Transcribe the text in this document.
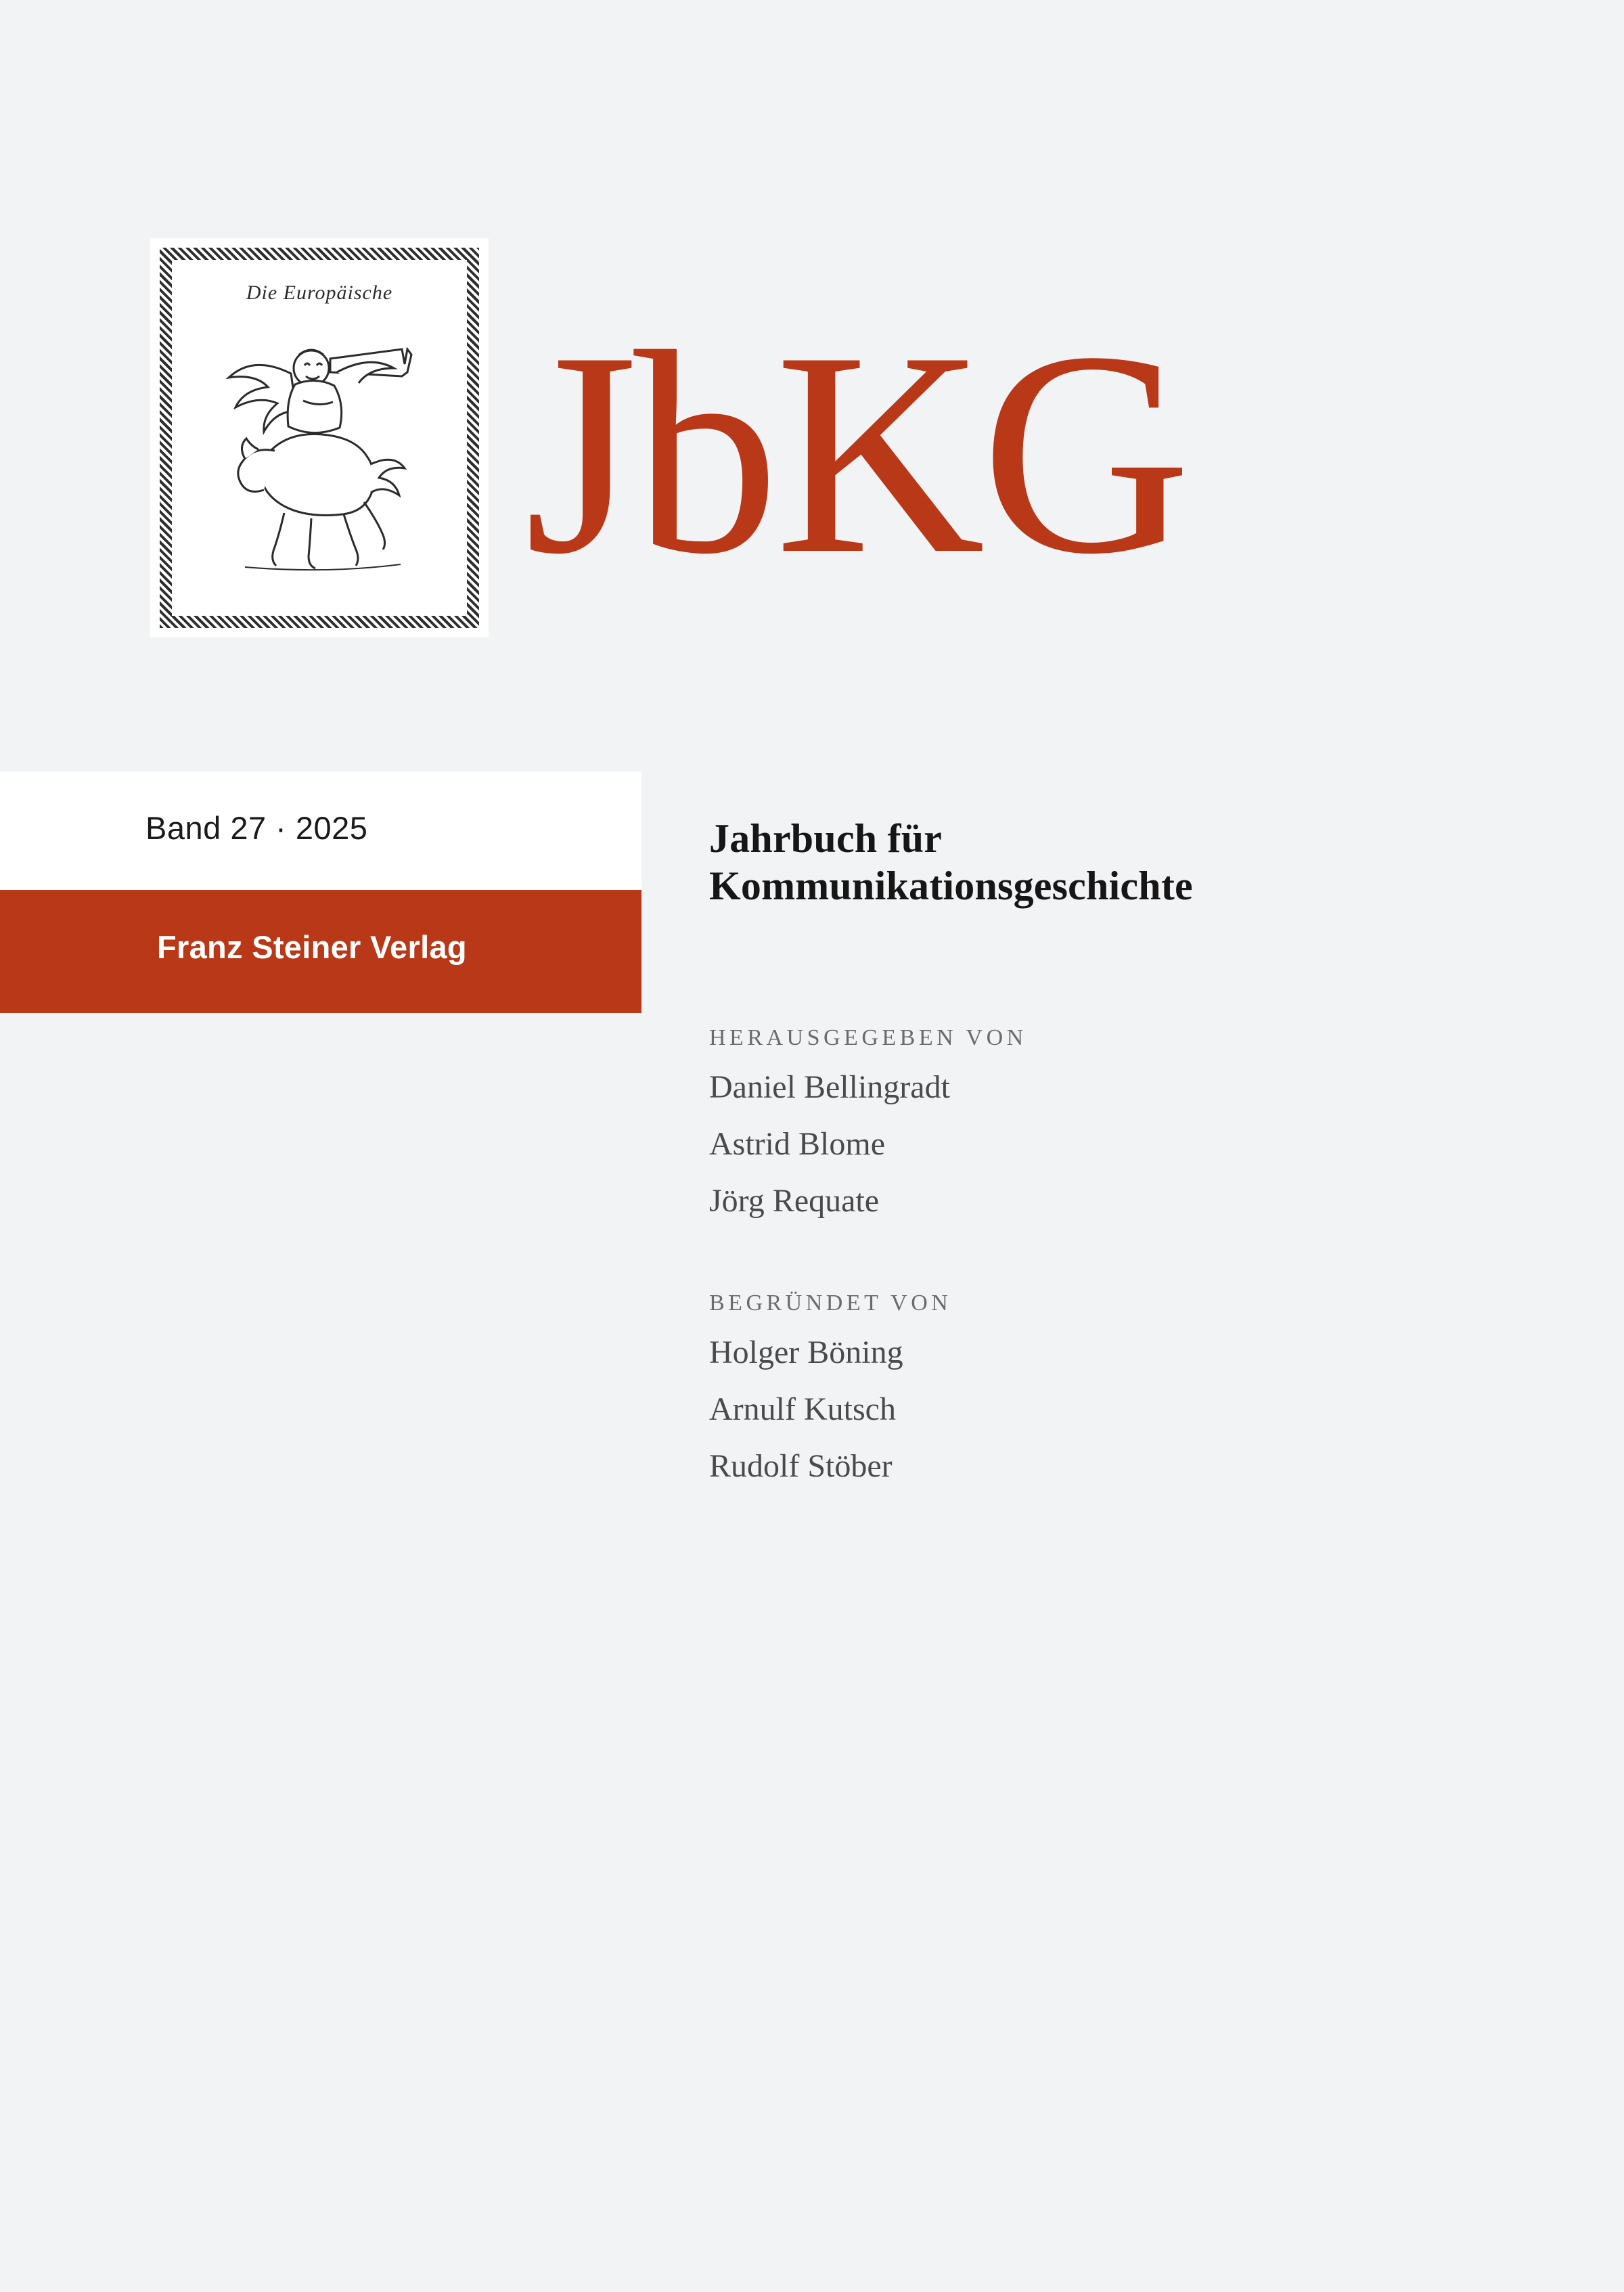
Die Europäische JbKG
Band 27 · 2025
Franz Steiner Verlag
Jahrbuch für
Kommunikationsgeschichte
HERAUSGEGEBEN VON
Daniel Bellingradt
Astrid Blome
Jörg Requate
BEGRÜNDET VON
Holger Böning
Arnulf Kutsch
Rudolf Stöber
